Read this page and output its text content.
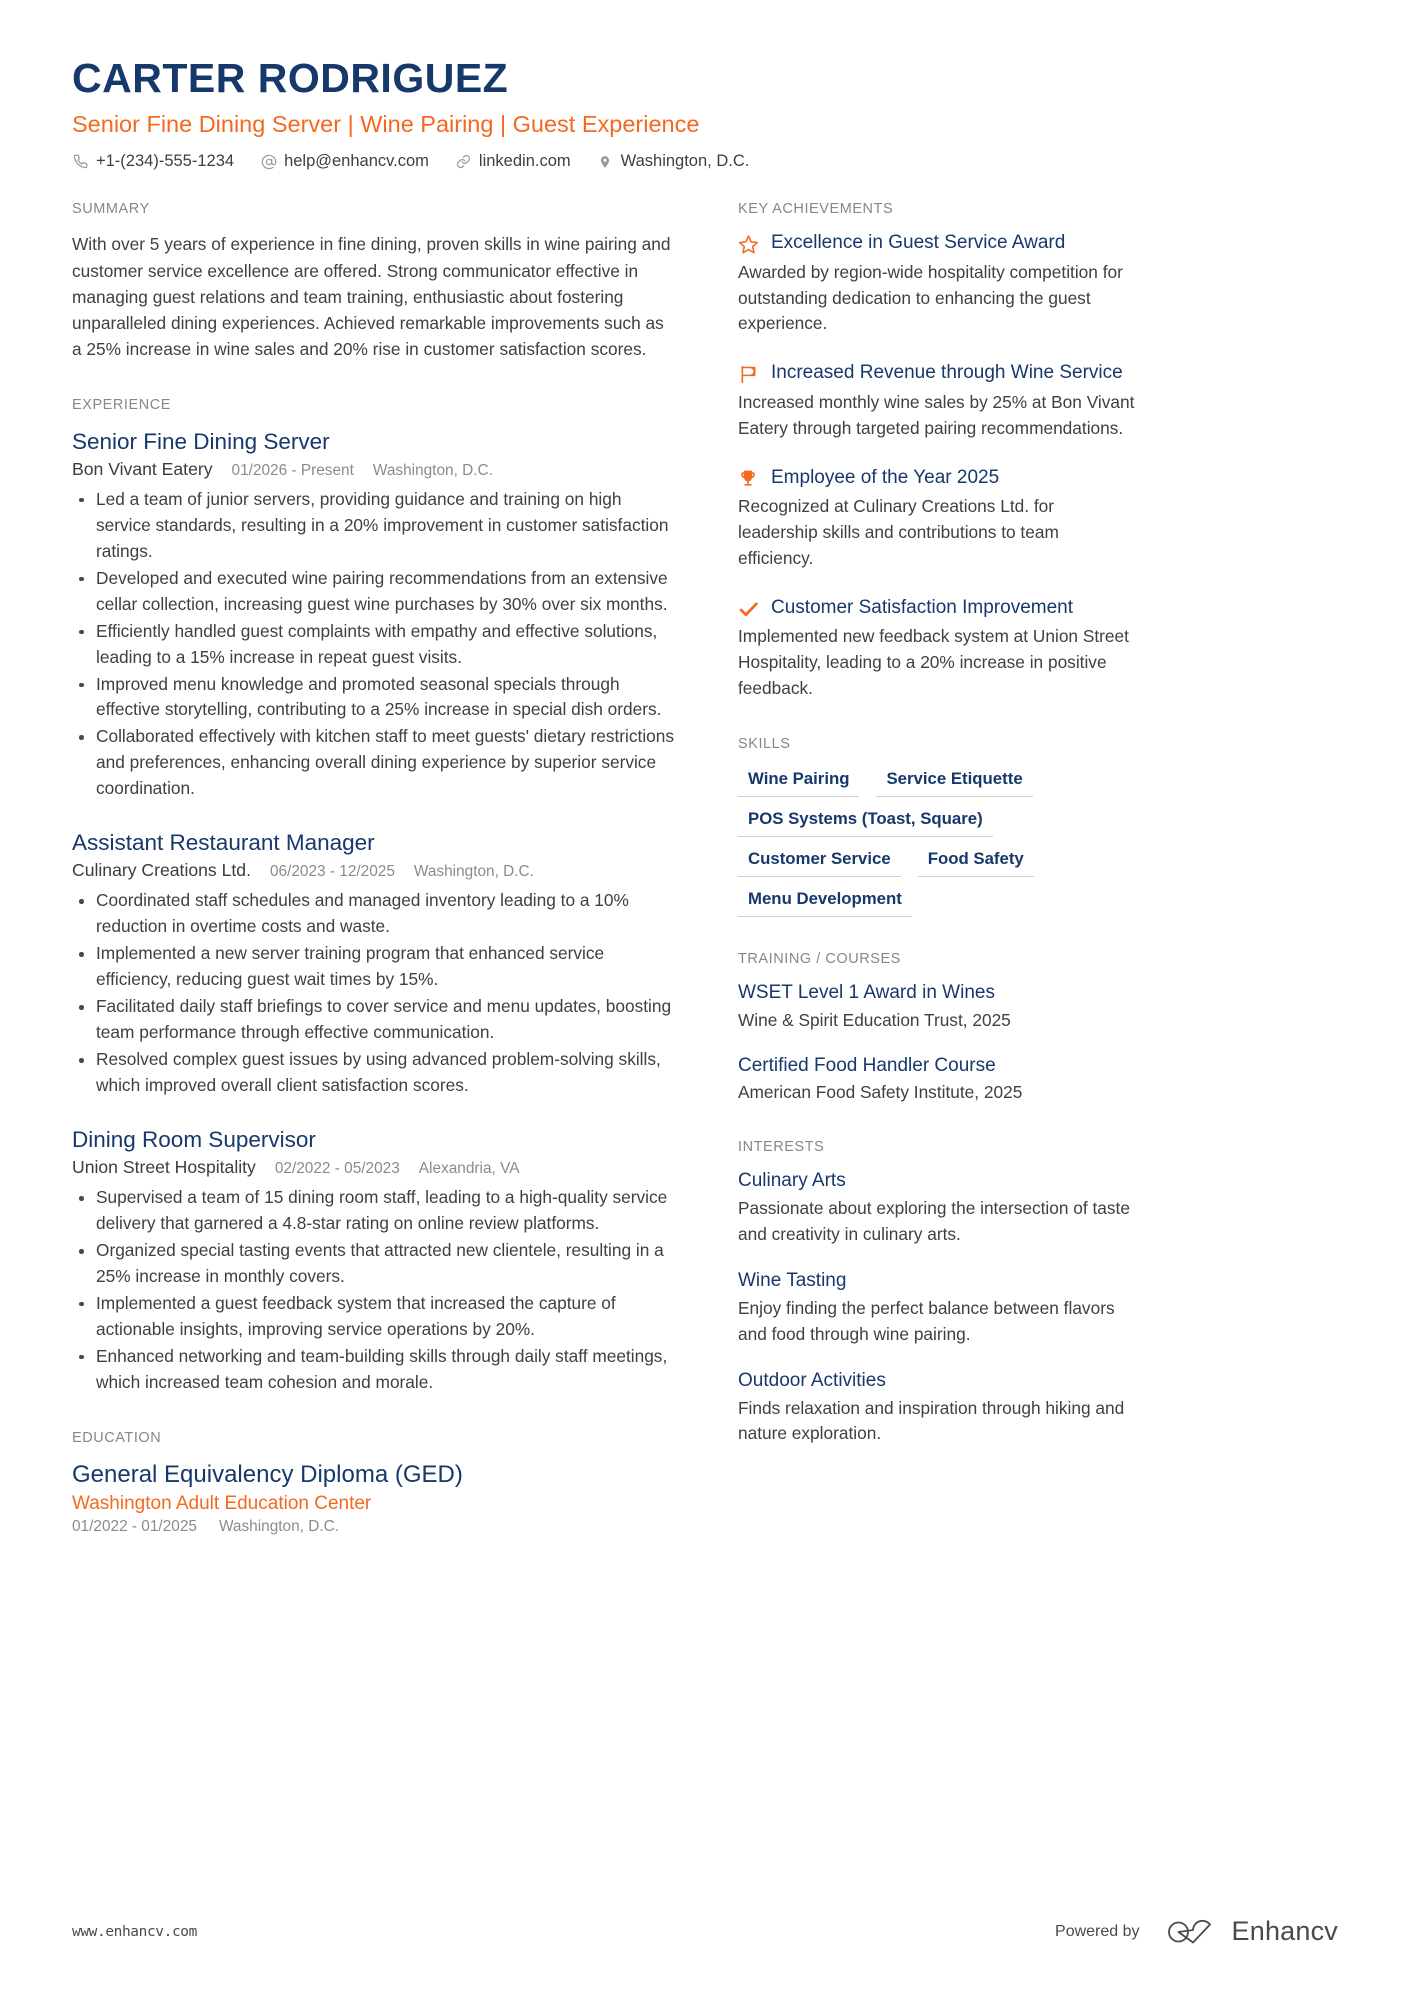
CARTER RODRIGUEZ
Senior Fine Dining Server | Wine Pairing | Guest Experience
+1-(234)-555-1234	help@enhancv.com	linkedin.com	Washington, D.C.
SUMMARY
With over 5 years of experience in fine dining, proven skills in wine pairing and customer service excellence are offered. Strong communicator effective in managing guest relations and team training, enthusiastic about fostering unparalleled dining experiences. Achieved remarkable improvements such as a 25% increase in wine sales and 20% rise in customer satisfaction scores.
EXPERIENCE
Senior Fine Dining Server
Bon Vivant Eatery 01/2026 - Present Washington, D.C.
Led a team of junior servers, providing guidance and training on high service standards, resulting in a 20% improvement in customer satisfaction ratings.
Developed and executed wine pairing recommendations from an extensive cellar collection, increasing guest wine purchases by 30% over six months.
Efficiently handled guest complaints with empathy and effective solutions, leading to a 15% increase in repeat guest visits.
Improved menu knowledge and promoted seasonal specials through effective storytelling, contributing to a 25% increase in special dish orders.
Collaborated effectively with kitchen staff to meet guests' dietary restrictions and preferences, enhancing overall dining experience by superior service coordination.
Assistant Restaurant Manager
Culinary Creations Ltd. 06/2023 - 12/2025 Washington, D.C.
Coordinated staff schedules and managed inventory leading to a 10% reduction in overtime costs and waste.
Implemented a new server training program that enhanced service efficiency, reducing guest wait times by 15%.
Facilitated daily staff briefings to cover service and menu updates, boosting team performance through effective communication.
Resolved complex guest issues by using advanced problem-solving skills, which improved overall client satisfaction scores.
Dining Room Supervisor
Union Street Hospitality 02/2022 - 05/2023 Alexandria, VA
Supervised a team of 15 dining room staff, leading to a high-quality service delivery that garnered a 4.8-star rating on online review platforms.
Organized special tasting events that attracted new clientele, resulting in a 25% increase in monthly covers.
Implemented a guest feedback system that increased the capture of actionable insights, improving service operations by 20%.
Enhanced networking and team-building skills through daily staff meetings, which increased team cohesion and morale.
EDUCATION
General Equivalency Diploma (GED)
Washington Adult Education Center
01/2022 - 01/2025 Washington, D.C.
KEY ACHIEVEMENTS
Excellence in Guest Service Award
Awarded by region-wide hospitality competition for outstanding dedication to enhancing the guest experience.
Increased Revenue through Wine Service
Increased monthly wine sales by 25% at Bon Vivant Eatery through targeted pairing recommendations.
Employee of the Year 2025
Recognized at Culinary Creations Ltd. for leadership skills and contributions to team efficiency.
Customer Satisfaction Improvement
Implemented new feedback system at Union Street Hospitality, leading to a 20% increase in positive feedback.
SKILLS
Wine Pairing	Service Etiquette
POS Systems (Toast, Square)
Customer Service	Food Safety
Menu Development
TRAINING / COURSES
WSET Level 1 Award in Wines
Wine & Spirit Education Trust, 2025
Certified Food Handler Course
American Food Safety Institute, 2025
INTERESTS
Culinary Arts
Passionate about exploring the intersection of taste and creativity in culinary arts.
Wine Tasting
Enjoy finding the perfect balance between flavors and food through wine pairing.
Outdoor Activities
Finds relaxation and inspiration through hiking and nature exploration.
www.enhancv.com	Powered by	Enhancv
